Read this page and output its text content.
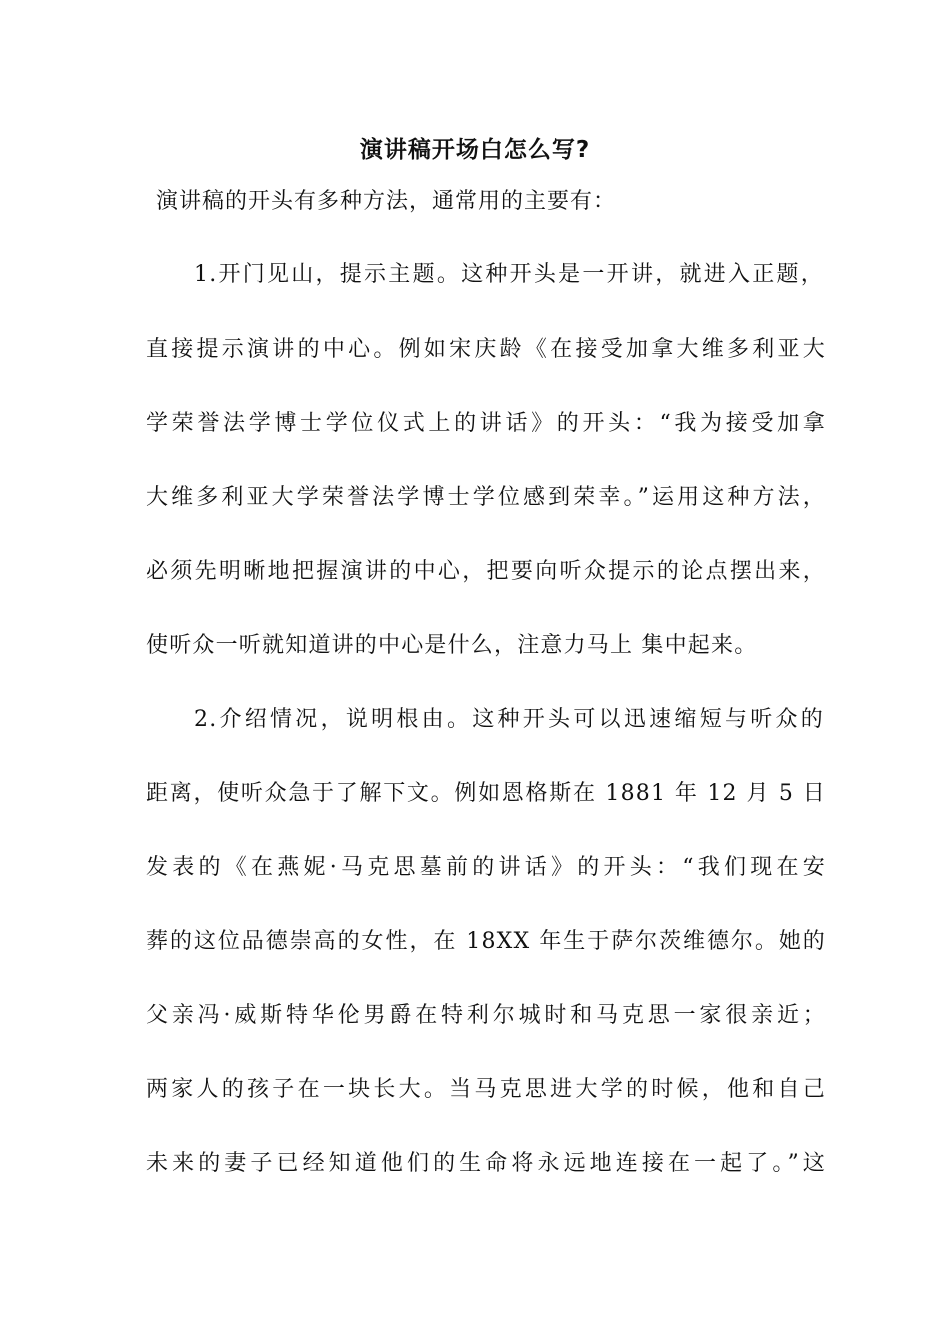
演讲稿开场白怎么写?
演讲稿的开头有多种方法，通常用的主要有：
1.开门见山，提示主题。这种开头是一开讲，就进入正题，
直接提示演讲的中心。例如宋庆龄《在接受加拿大维多利亚大
学荣誉法学博士学位仪式上的讲话》的开头：“我为接受加拿
大维多利亚大学荣誉法学博士学位感到荣幸。”运用这种方法，
必须先明晰地把握演讲的中心，把要向听众提示的论点摆出来，
使听众一听就知道讲的中心是什么，注意力马上 集中起来。
2.介绍情况，说明根由。这种开头可以迅速缩短与听众的
距离，使听众急于了解下文。例如恩格斯在 1881 年 12 月 5 日
发表的《在燕妮·马克思墓前的讲话》的开头：“我们现在安
葬的这位品德崇高的女性，在 18XX 年生于萨尔茨维德尔。她的
父亲冯·威斯特华伦男爵在特利尔城时和马克思一家很亲近；
两家人的孩子在一块长大。当马克思进大学的时候，他和自己
未来的妻子已经知道他们的生命将永远地连接在一起了。”这
